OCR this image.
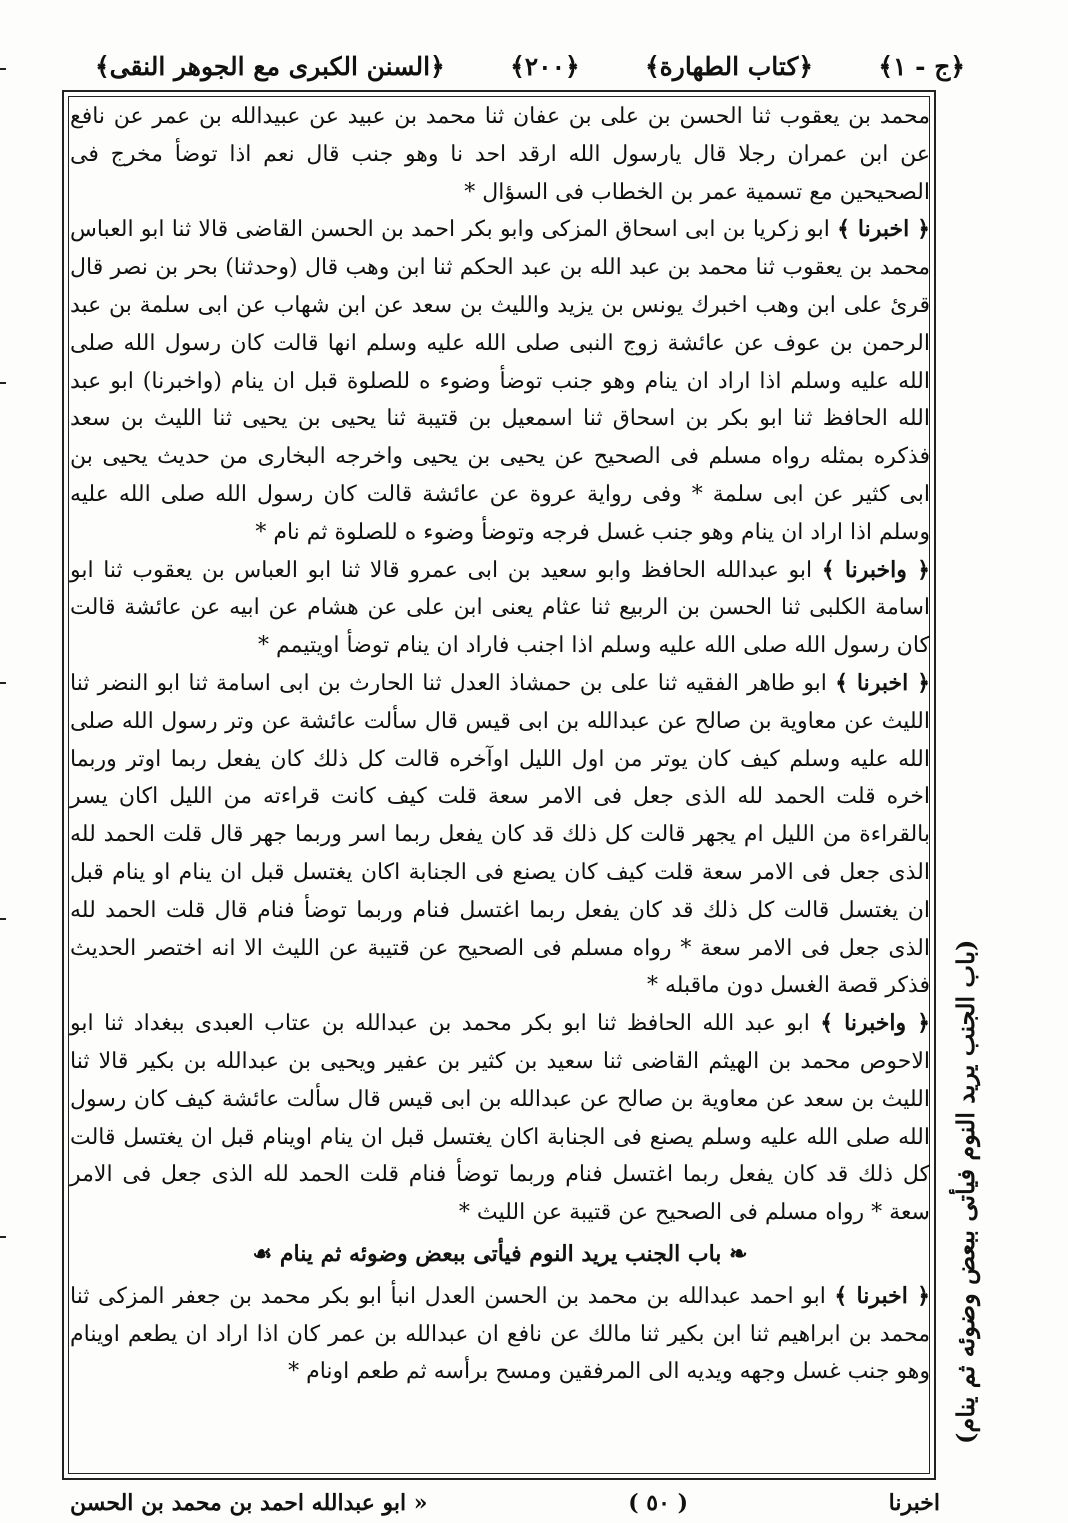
﴿السنن الكبرى مع الجوهر النقى﴾	﴿٢٠٠﴾	﴿كتاب الطهارة﴾	﴿ج - ١﴾

محمد بن يعقوب ثنا الحسن بن على بن عفان ثنا محمد بن عبيد عن عبيدالله بن عمر عن نافع عن ابن عمران رجلا قال يارسول الله ارقد احد نا وهو جنب قال نعم اذا توضأ مخرج فى الصحيحين مع تسمية عمر بن الخطاب فى السؤال *

﴿ اخبرنا ﴾ ابو زكريا بن ابى اسحاق المزكى وابو بكر احمد بن الحسن القاضى قالا ثنا ابو العباس محمد بن يعقوب ثنا محمد بن عبد الله بن عبد الحكم ثنا ابن وهب قال (وحدثنا) بحر بن نصر قال قرئ على ابن وهب اخبرك يونس بن يزيد والليث بن سعد عن ابن شهاب عن ابى سلمة بن عبد الرحمن بن عوف عن عائشة زوج النبى صلى الله عليه وسلم انها قالت كان رسول الله صلى الله عليه وسلم اذا اراد ان ينام وهو جنب توضأ وضوء ه للصلوة قبل ان ينام (واخبرنا) ابو عبد الله الحافظ ثنا ابو بكر بن اسحاق ثنا اسمعيل بن قتيبة ثنا يحيى بن يحيى ثنا الليث بن سعد فذكره بمثله رواه مسلم فى الصحيح عن يحيى بن يحيى واخرجه البخارى من حديث يحيى بن ابى كثير عن ابى سلمة * وفى رواية عروة عن عائشة قالت كان رسول الله صلى الله عليه وسلم اذا اراد ان ينام وهو جنب غسل فرجه وتوضأ وضوء ه للصلوة ثم نام *

﴿ واخبرنا ﴾ ابو عبدالله الحافظ وابو سعيد بن ابى عمرو قالا ثنا ابو العباس بن يعقوب ثنا ابو اسامة الكلبى ثنا الحسن بن الربيع ثنا عثام يعنى ابن على عن هشام عن ابيه عن عائشة قالت كان رسول الله صلى الله عليه وسلم اذا اجنب فاراد ان ينام توضأ اويتيمم *

﴿ اخبرنا ﴾ ابو طاهر الفقيه ثنا على بن حمشاذ العدل ثنا الحارث بن ابى اسامة ثنا ابو النضر ثنا الليث عن معاوية بن صالح عن عبدالله بن ابى قيس قال سألت عائشة عن وتر رسول الله صلى الله عليه وسلم كيف كان يوتر من اول الليل اوآخره قالت كل ذلك كان يفعل ربما اوتر وربما اخره قلت الحمد لله الذى جعل فى الامر سعة قلت كيف كانت قراءته من الليل اكان يسر بالقراءة من الليل ام يجهر قالت كل ذلك قد كان يفعل ربما اسر وربما جهر قال قلت الحمد لله الذى جعل فى الامر سعة قلت كيف كان يصنع فى الجنابة اكان يغتسل قبل ان ينام او ينام قبل ان يغتسل قالت كل ذلك قد كان يفعل ربما اغتسل فنام وربما توضأ فنام قال قلت الحمد لله الذى جعل فى الامر سعة * رواه مسلم فى الصحيح عن قتيبة عن الليث الا انه اختصر الحديث فذكر قصة الغسل دون ماقبله *

﴿ واخبرنا ﴾ ابو عبد الله الحافظ ثنا ابو بكر محمد بن عبدالله بن عتاب العبدى ببغداد ثنا ابو الاحوص محمد بن الهيثم القاضى ثنا سعيد بن كثير بن عفير ويحيى بن عبدالله بن بكير قالا ثنا الليث بن سعد عن معاوية بن صالح عن عبدالله بن ابى قيس قال سألت عائشة كيف كان رسول الله صلى الله عليه وسلم يصنع فى الجنابة اكان يغتسل قبل ان ينام اوينام قبل ان يغتسل قالت كل ذلك قد كان يفعل ربما اغتسل فنام وربما توضأ فنام قلت الحمد لله الذى جعل فى الامر سعة * رواه مسلم فى الصحيح عن قتيبة عن الليث *

❧ باب الجنب يريد النوم فيأتى ببعض وضوئه ثم ينام ☙

﴿ اخبرنا ﴾ ابو احمد عبدالله بن محمد بن الحسن العدل انبأ ابو بكر محمد بن جعفر المزكى ثنا محمد بن ابراهيم ثنا ابن بكير ثنا مالك عن نافع ان عبدالله بن عمر كان اذا اراد ان يطعم اوينام وهو جنب غسل وجهه ويديه الى المرفقين ومسح برأسه ثم طعم اونام * (باب الجنب يريد النوم فيأتى ببعض وضوئه ثم ينام)
« ابو عبدالله احمد بن محمد بن الحسن	( ٥٠ )	اخبرنا
